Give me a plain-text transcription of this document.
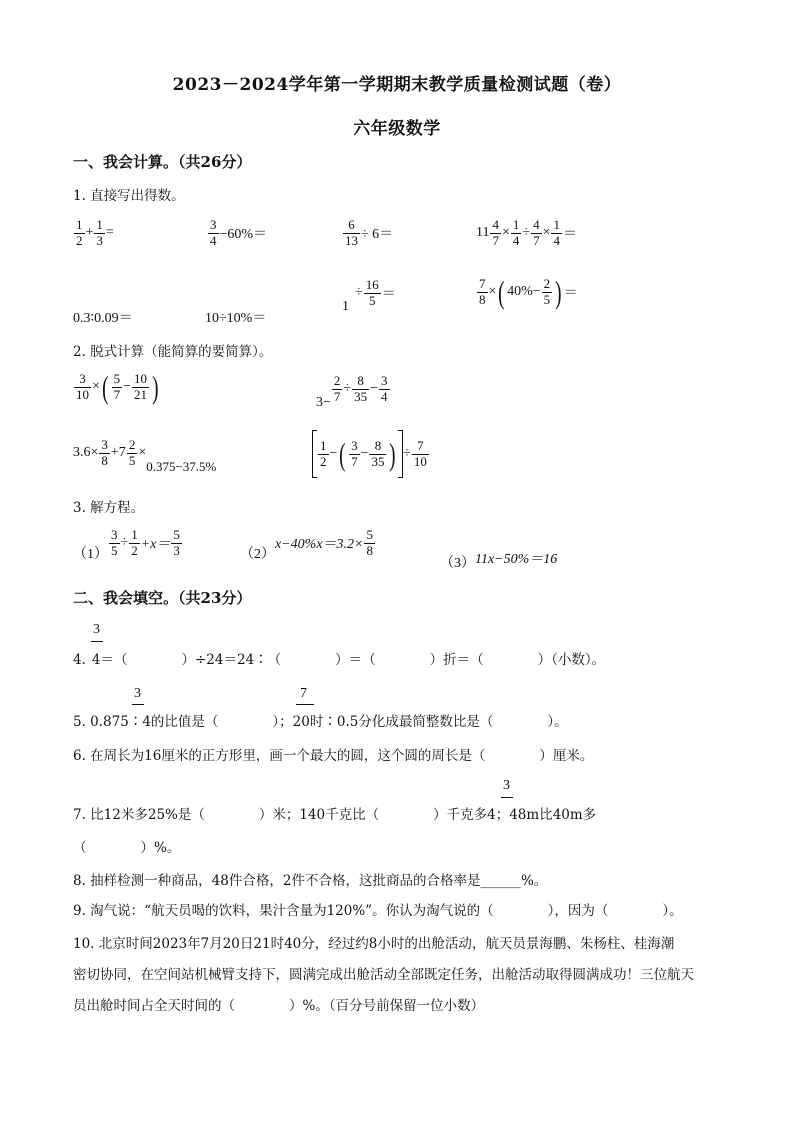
2023－2024学年第一学期期末教学质量检测试题（卷）
六年级数学
一、我会计算。（共26分）
1. 直接写出得数。
$\frac{1}{2} + \frac{1}{3}$ =	$\frac{3}{4} -60\%=$	$\frac{6}{13} \div 6=$	$11 \frac{4}{7} \times \frac{1}{4} \div \frac{4}{7} \times \frac{1}{4}$ ＝
0.3∶0.09＝	10÷10%＝
$1\div \frac{16}{5}$ ＝	$\frac{7}{8}$ ×( $40\%- \frac{2}{5}$ ) ＝
2. 脱式计算（能简算的要简算）。
$\frac{3}{10}$ ×( $\frac{5}{7} - \frac{10}{21}$ )	$3- \frac{2}{7} \div \frac{8}{35} - \frac{3}{4}$
$3.6\times \frac{3}{8} +7 \frac{2}{5} \times 0.375-37.5\%$	$\frac{1}{2}$ −( $\frac{3}{7} - \frac{8}{35}$ ) ÷ $\frac{7}{10}$
3. 解方程。
$(1) \frac{3}{5} \div \frac{1}{2} +x= \frac{5}{3}$	$(2)x-40\%x=3.2\times \frac{5}{8}$
（3）11x−50%＝16
二、我会填空。（共23分）
3
4. 4＝（　　　　）÷24＝24∶（　　　　）＝（　　　　）折＝（　　　　）（小数）。
3	7
5. 0.875∶4的比值是（　　　　）；20时∶0.5分化成最简整数比是（　　　　）。
6. 在周长为16厘米的正方形里，画一个最大的圆，这个圆的周长是（　　　　）厘米。
3
7. 比12米多25%是（　　　　）米；140千克比（　　　　）千克多4；48m比40m多
（　　　　）%。
8. 抽样检测一种商品，48件合格，2件不合格，这批商品的合格率是______%。
9. 淘气说：“航天员喝的饮料，果汁含量为120%”。你认为淘气说的（　　　　），因为（　　　　）。
10. 北京时间2023年7月20日21时40分，经过约8小时的出舱活动，航天员景海鹏、朱杨柱、桂海潮
密切协同，在空间站机械臂支持下，圆满完成出舱活动全部既定任务，出舱活动取得圆满成功！三位航天
员出舱时间占全天时间的（　　　　）%。（百分号前保留一位小数）
